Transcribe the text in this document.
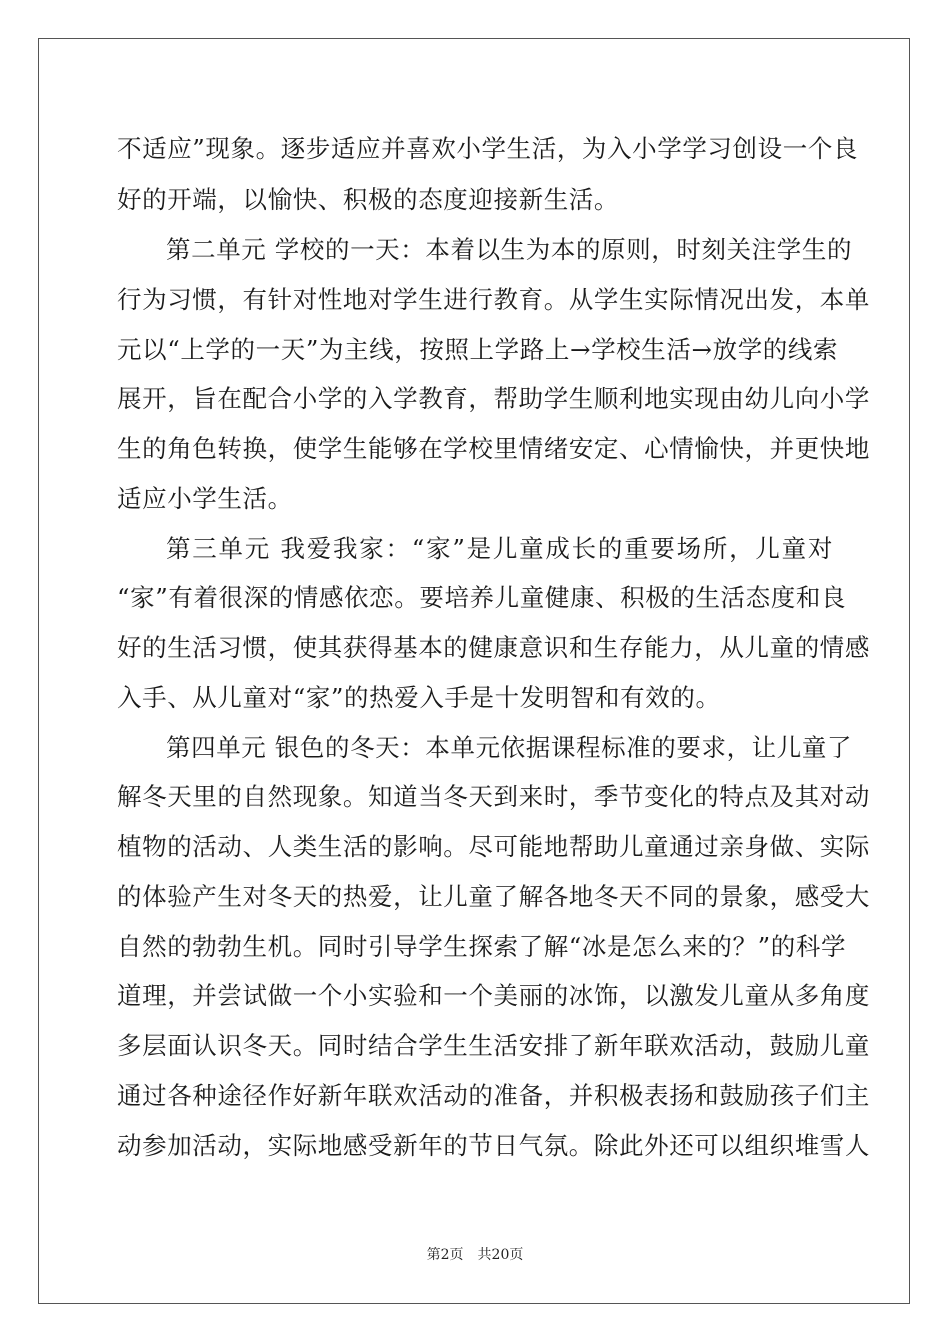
不适应”现象。逐步适应并喜欢小学生活，为入小学学习创设一个良
好的开端，以愉快、积极的态度迎接新生活。
第二单元 学校的一天：本着以生为本的原则，时刻关注学生的
行为习惯，有针对性地对学生进行教育。从学生实际情况出发，本单
元以“上学的一天”为主线，按照上学路上→学校生活→放学的线索
展开，旨在配合小学的入学教育，帮助学生顺利地实现由幼儿向小学
生的角色转换，使学生能够在学校里情绪安定、心情愉快，并更快地
适应小学生活。
第三单元 我爱我家：“家”是儿童成长的重要场所，儿童对
“家”有着很深的情感依恋。要培养儿童健康、积极的生活态度和良
好的生活习惯，使其获得基本的健康意识和生存能力，从儿童的情感
入手、从儿童对“家”的热爱入手是十发明智和有效的。
第四单元 银色的冬天：本单元依据课程标准的要求，让儿童了
解冬天里的自然现象。知道当冬天到来时，季节变化的特点及其对动
植物的活动、人类生活的影响。尽可能地帮助儿童通过亲身做、实际
的体验产生对冬天的热爱，让儿童了解各地冬天不同的景象，感受大
自然的勃勃生机。同时引导学生探索了解“冰是怎么来的？”的科学
道理，并尝试做一个小实验和一个美丽的冰饰，以激发儿童从多角度
多层面认识冬天。同时结合学生生活安排了新年联欢活动，鼓励儿童
通过各种途径作好新年联欢活动的准备，并积极表扬和鼓励孩子们主
动参加活动，实际地感受新年的节日气氛。除此外还可以组织堆雪人
第2页 共20页
